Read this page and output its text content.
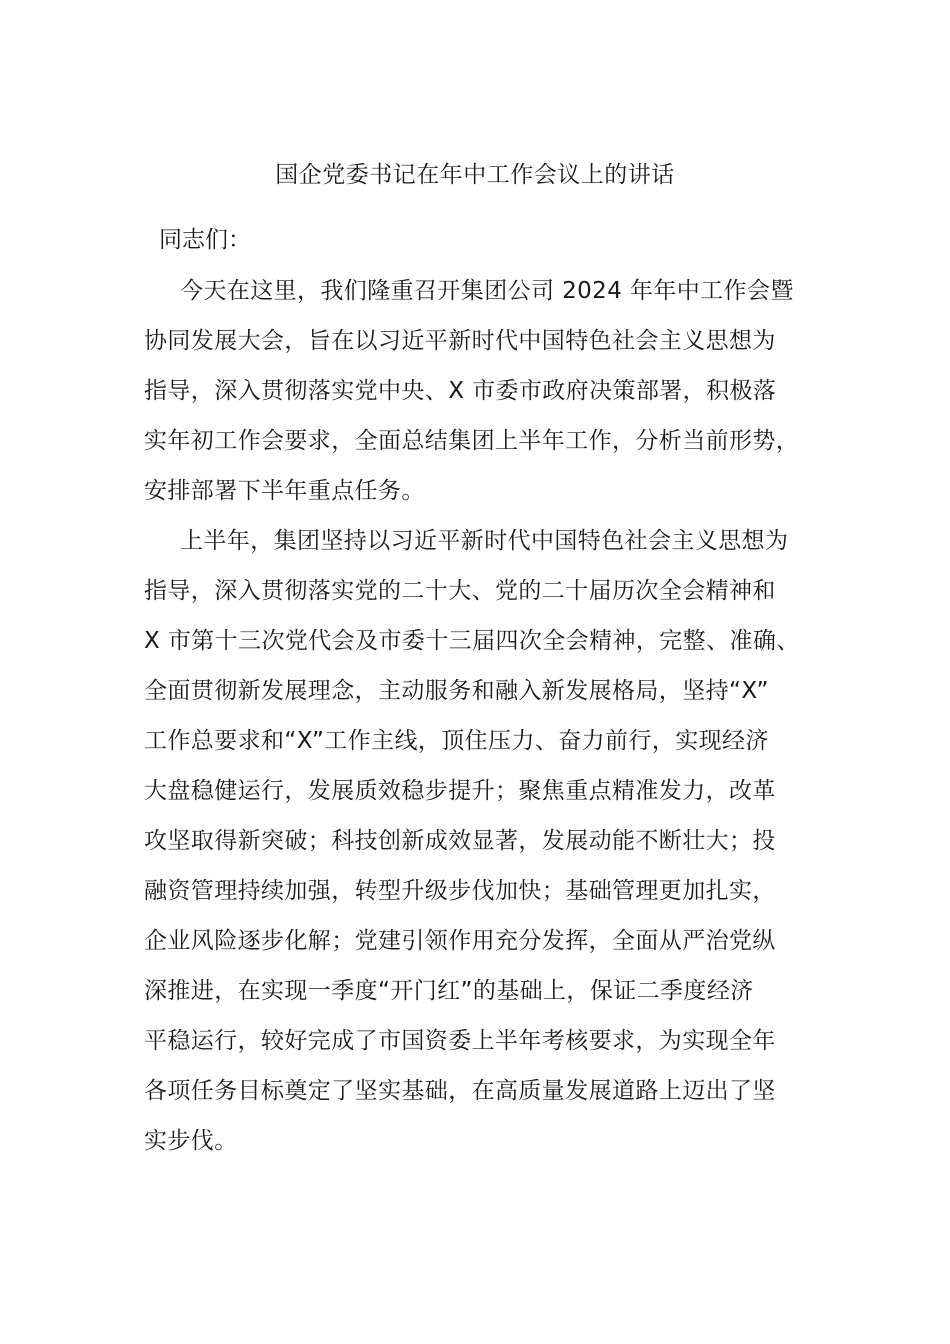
国企党委书记在年中工作会议上的讲话
同志们：
今天在这里，我们隆重召开集团公司 2024 年年中工作会暨
协同发展大会，旨在以习近平新时代中国特色社会主义思想为
指导，深入贯彻落实党中央、X 市委市政府决策部署，积极落
实年初工作会要求，全面总结集团上半年工作，分析当前形势，
安排部署下半年重点任务。
上半年，集团坚持以习近平新时代中国特色社会主义思想为
指导，深入贯彻落实党的二十大、党的二十届历次全会精神和
X 市第十三次党代会及市委十三届四次全会精神，完整、准确、
全面贯彻新发展理念，主动服务和融入新发展格局，坚持“X”
工作总要求和“X”工作主线，顶住压力、奋力前行，实现经济
大盘稳健运行，发展质效稳步提升；聚焦重点精准发力，改革
攻坚取得新突破；科技创新成效显著，发展动能不断壮大；投
融资管理持续加强，转型升级步伐加快；基础管理更加扎实，
企业风险逐步化解；党建引领作用充分发挥，全面从严治党纵
深推进，在实现一季度“开门红”的基础上，保证二季度经济
平稳运行，较好完成了市国资委上半年考核要求，为实现全年
各项任务目标奠定了坚实基础，在高质量发展道路上迈出了坚
实步伐。
